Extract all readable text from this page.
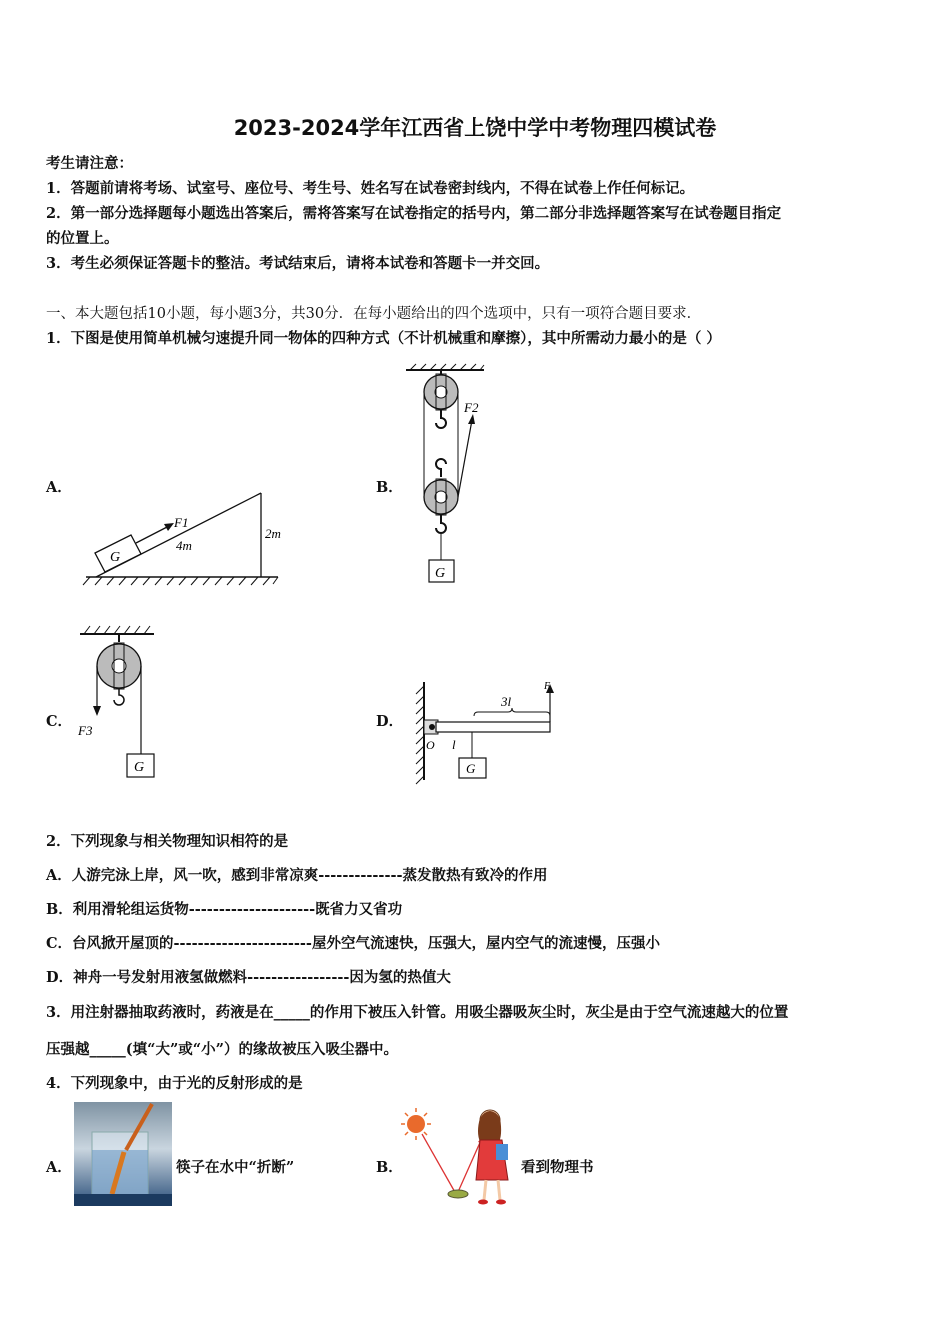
2023-2024学年江西省上饶中学中考物理四模试卷
考生请注意：
1．答题前请将考场、试室号、座位号、考生号、姓名写在试卷密封线内，不得在试卷上作任何标记。
2．第一部分选择题每小题选出答案后，需将答案写在试卷指定的括号内，第二部分非选择题答案写在试卷题目指定
的位置上。
3．考生必须保证答题卡的整洁。考试结束后，请将本试卷和答题卡一并交回。
一、本大题包括10小题，每小题3分，共30分．在每小题给出的四个选项中，只有一项符合题目要求．
1．下图是使用简单机械匀速提升同一物体的四种方式（不计机械重和摩擦），其中所需动力最小的是（ ）
A．	B．
C．	D．
G
F1
4m
2m
F2
G
F3
G
O
3l
F
l
G
2．下列现象与相关物理知识相符的是
A．人游完泳上岸，风一吹，感到非常凉爽--------------蒸发散热有致冷的作用
B．利用滑轮组运货物---------------------既省力又省功
C．台风掀开屋顶的-----------------------屋外空气流速快，压强大，屋内空气的流速慢，压强小
D．神舟一号发射用液氢做燃料-----------------因为氢的热值大
3．用注射器抽取药液时，药液是在_____的作用下被压入针管。用吸尘器吸灰尘时，灰尘是由于空气流速越大的位置
压强越_____(填“大”或“小”）的缘故被压入吸尘器中。
4．下列现象中，由于光的反射形成的是
A．	筷子在水中“折断”	B．	看到物理书
